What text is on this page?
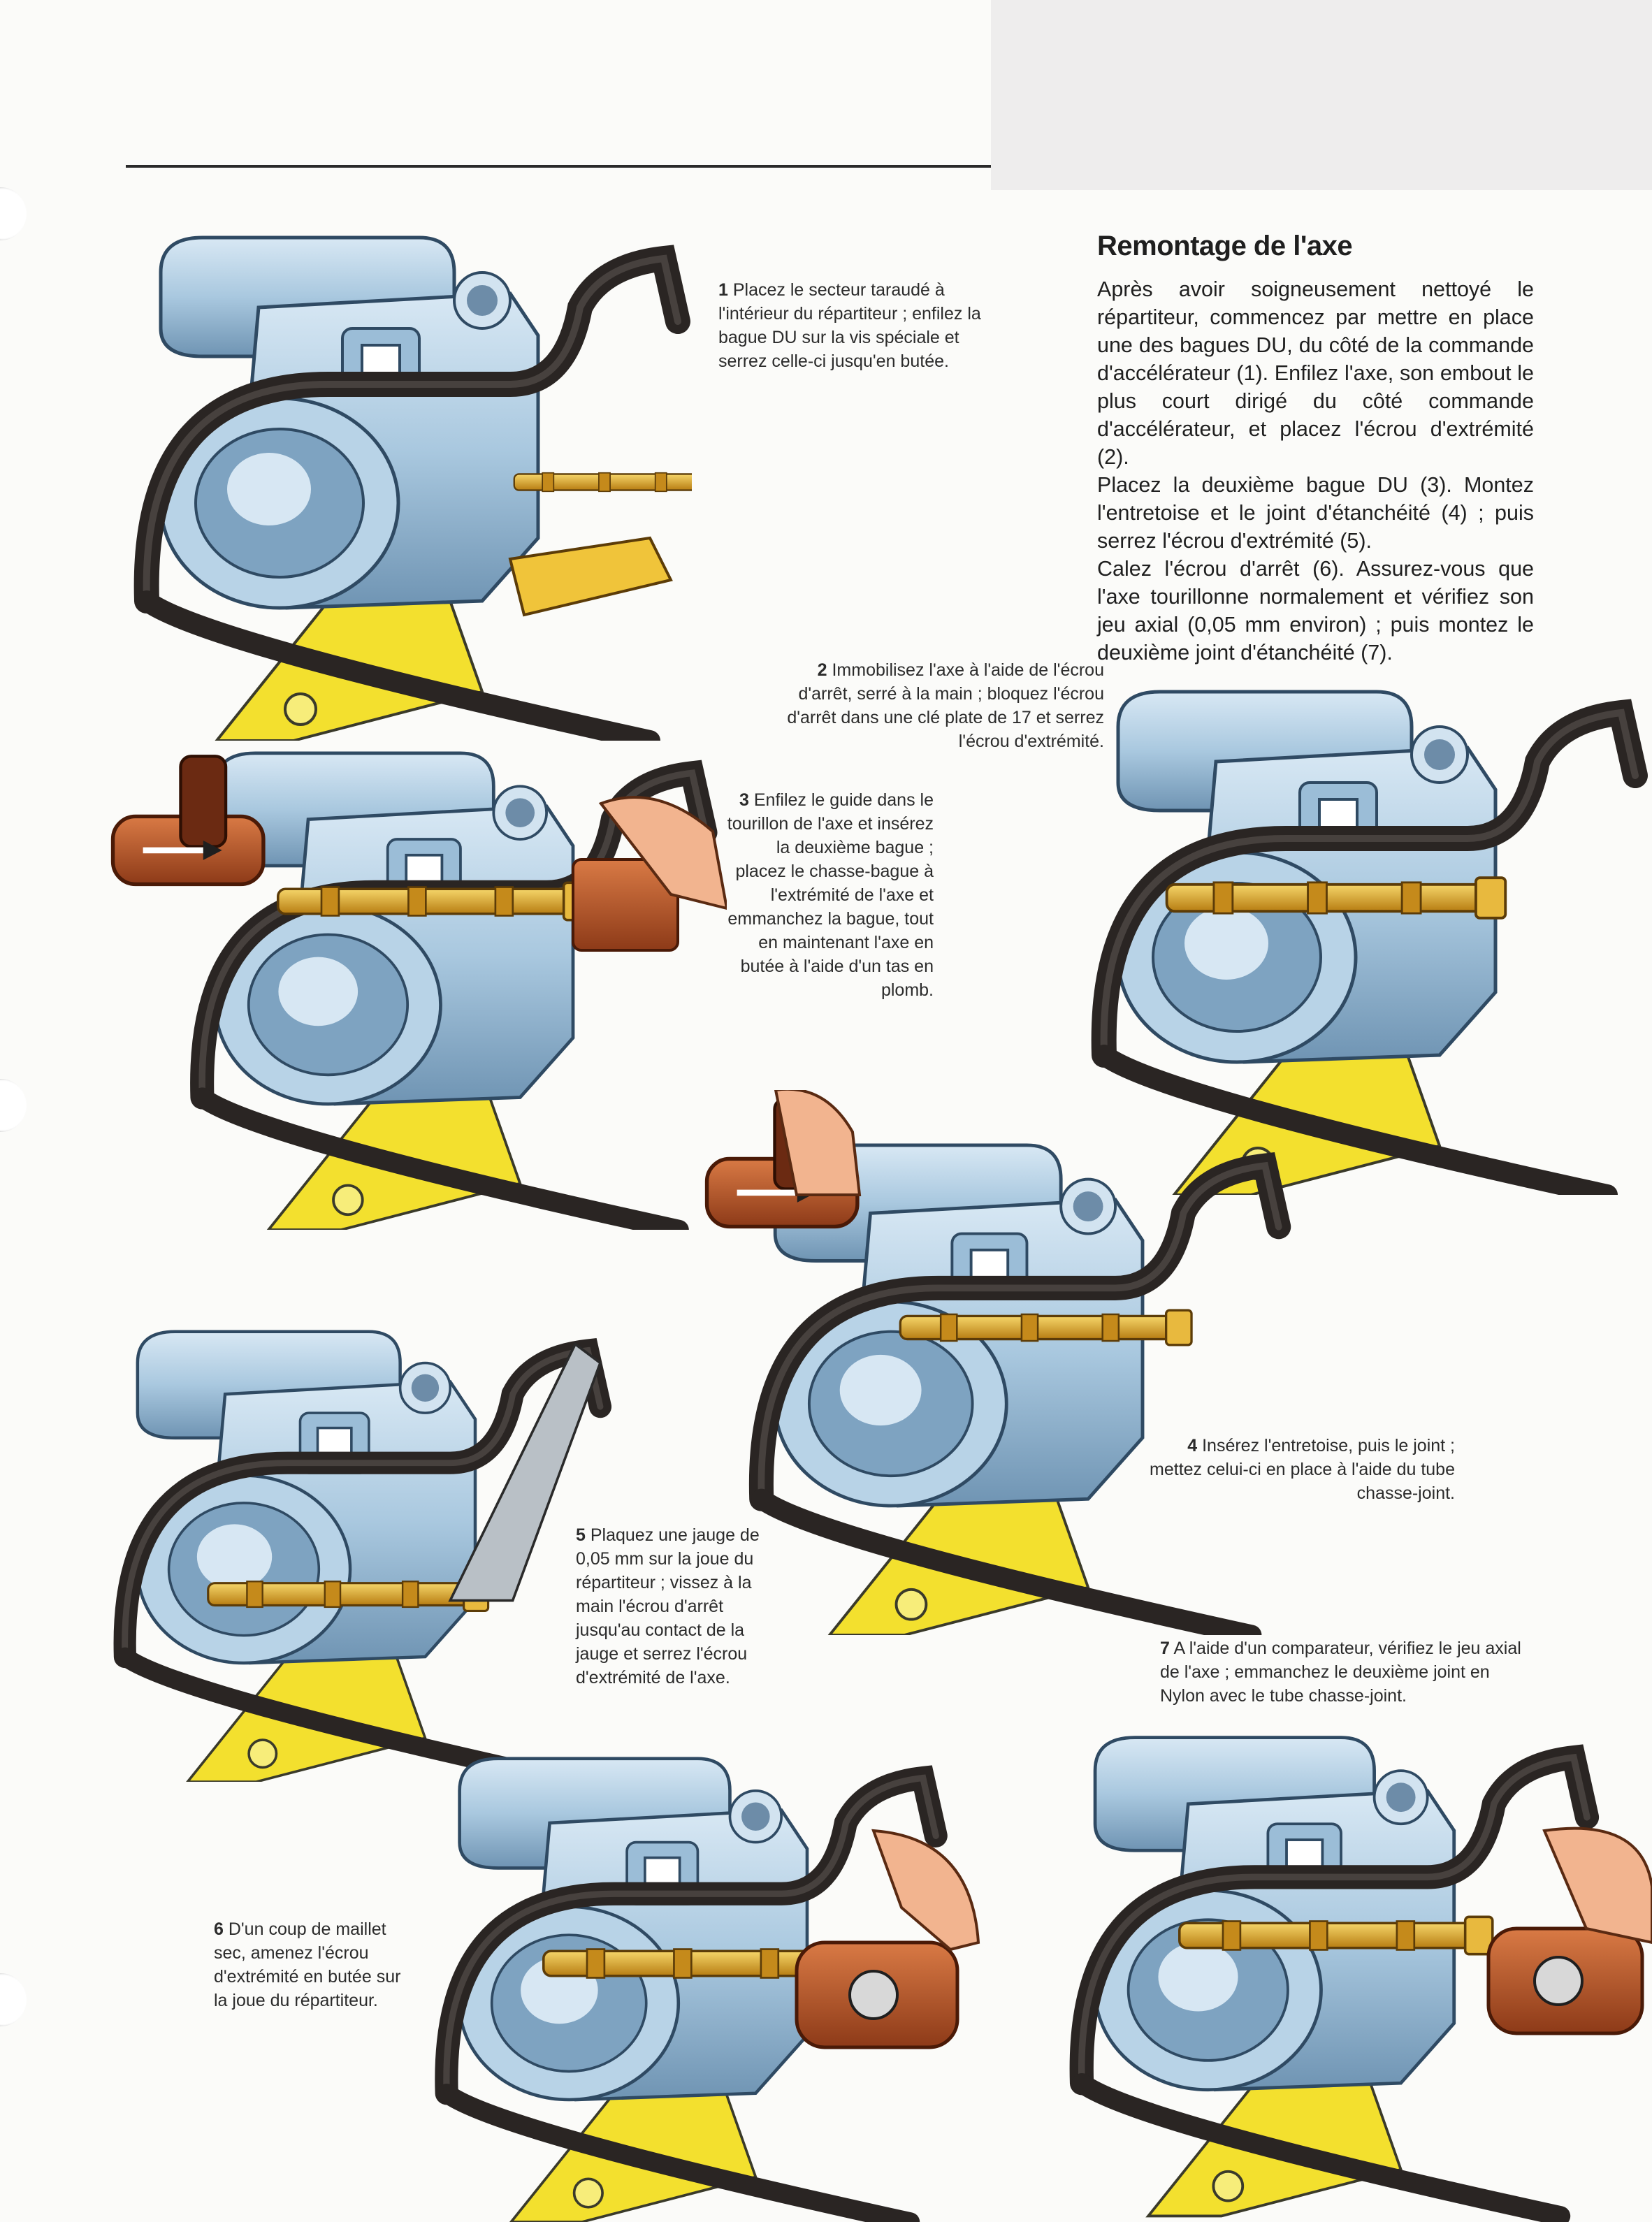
Remontage de l'axe

Après avoir soigneusement nettoyé le répartiteur, commencez par mettre en place une des bagues DU, du côté de la commande d'accélérateur (1). Enfilez l'axe, son embout le plus court dirigé du côté commande d'accélérateur, et placez l'écrou d'extrémité (2).

Placez la deuxième bague DU (3). Montez l'entretoise et le joint d'étanchéité (4) ; puis serrez l'écrou d'extrémité (5).

Calez l'écrou d'arrêt (6). Assurez-vous que l'axe tourillonne normalement et vérifiez son jeu axial (0,05 mm environ) ; puis montez le deuxième joint d'étanchéité (7).

1 Placez le secteur taraudé à l'intérieur du répartiteur ; enfilez la bague DU sur la vis spéciale et serrez celle-ci jusqu'en butée.
2 Immobilisez l'axe à l'aide de l'écrou d'arrêt, serré à la main ; bloquez l'écrou d'arrêt dans une clé plate de 17 et serrez l'écrou d'extrémité.
3 Enfilez le guide dans le tourillon de l'axe et insérez la deuxième bague ; placez le chasse-bague à l'extrémité de l'axe et emmanchez la bague, tout en maintenant l'axe en butée à l'aide d'un tas en plomb.
4 Insérez l'entretoise, puis le joint ; mettez celui-ci en place à l'aide du tube chasse-joint.
5 Plaquez une jauge de 0,05 mm sur la joue du répartiteur ; vissez à la main l'écrou d'arrêt jusqu'au contact de la jauge et serrez l'écrou d'extrémité de l'axe.
6 D'un coup de maillet sec, amenez l'écrou d'extrémité en butée sur la joue du répartiteur.
7 A l'aide d'un comparateur, vérifiez le jeu axial de l'axe ; emmanchez le deuxième joint en Nylon avec le tube chasse-joint.
